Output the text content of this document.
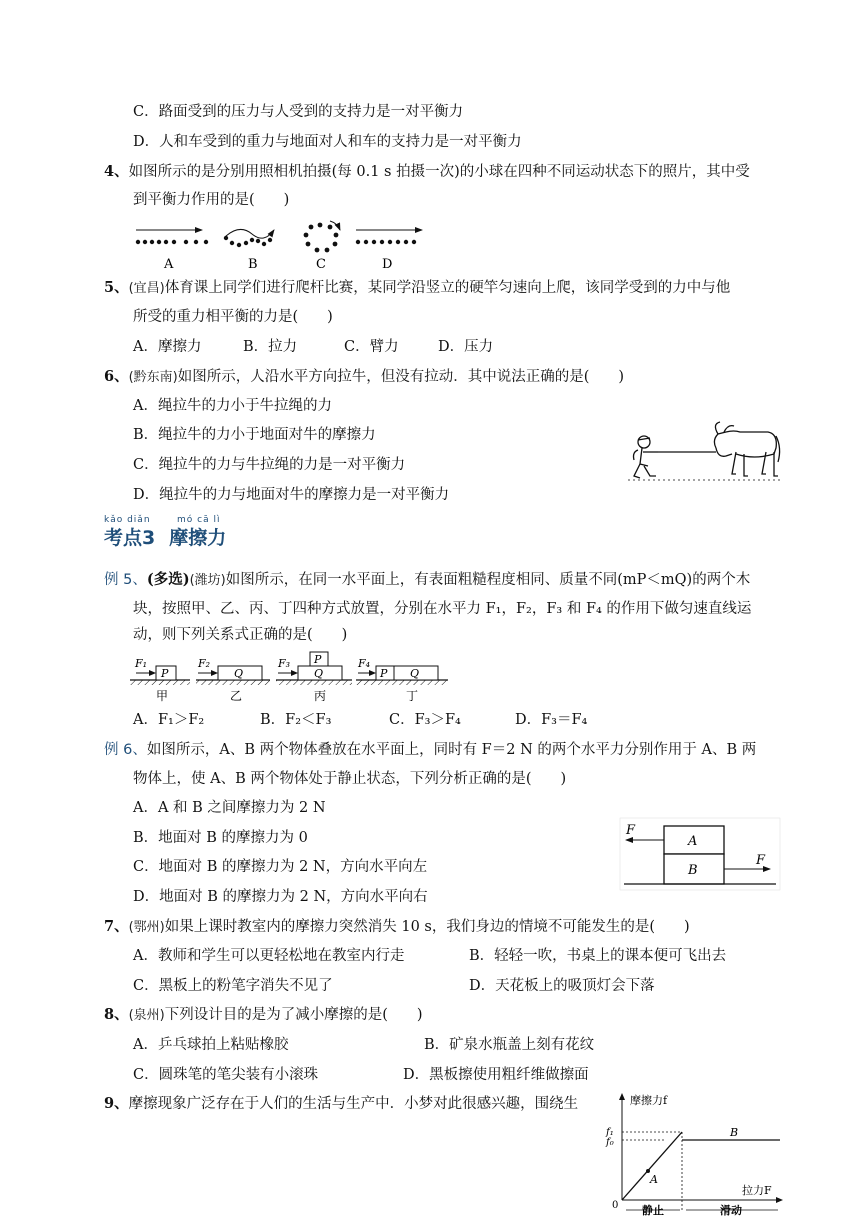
C．路面受到的压力与人受到的支持力是一对平衡力
D．人和车受到的重力与地面对人和车的支持力是一对平衡力
4、如图所示的是分别用照相机拍摄(每 0.1 s 拍摄一次)的小球在四种不同运动状态下的照片，其中受
到平衡力作用的是(　　)
A	B	C	D
5、(宜昌)体育课上同学们进行爬杆比赛，某同学沿竖立的硬竿匀速向上爬，该同学受到的力中与他
所受的重力相平衡的力是(　　)
A．摩擦力	B．拉力	C．臂力	D．压力
6、(黔东南)如图所示，人沿水平方向拉牛，但没有拉动．其中说法正确的是(　　)
A．绳拉牛的力小于牛拉绳的力
B．绳拉牛的力小于地面对牛的摩擦力
C．绳拉牛的力与牛拉绳的力是一对平衡力
D．绳拉牛的力与地面对牛的摩擦力是一对平衡力
kǎo diǎn	mó cā lì
考点3 摩擦力
例 5、(多选)(潍坊)如图所示，在同一水平面上，有表面粗糙程度相同、质量不同(mP＜mQ)的两个木
块，按照甲、乙、丙、丁四种方式放置，分别在水平力 F₁，F₂，F₃ 和 F₄ 的作用下做匀速直线运
动，则下列关系式正确的是(　　)
F₁
P
甲
F₂
Q
乙
F₃ P
Q
丙
F₄
P Q
丁
A．F₁＞F₂	B．F₂＜F₃	C．F₃＞F₄	D．F₃＝F₄
例 6、如图所示，A、B 两个物体叠放在水平面上，同时有 F＝2 N 的两个水平力分别作用于 A、B 两
物体上，使 A、B 两个物体处于静止状态，下列分析正确的是(　　)
A．A 和 B 之间摩擦力为 2 N
B．地面对 B 的摩擦力为 0
C．地面对 B 的摩擦力为 2 N，方向水平向左
D．地面对 B 的摩擦力为 2 N，方向水平向右
F
F
A
B
7、(鄂州)如果上课时教室内的摩擦力突然消失 10 s，我们身边的情境不可能发生的是(　　)
A．教师和学生可以更轻松地在教室内行走	B．轻轻一吹，书桌上的课本便可飞出去
C．黑板上的粉笔字消失不见了	D．天花板上的吸顶灯会下落
8、(泉州)下列设计目的是为了减小摩擦的是(　　)
A．乒乓球拍上粘贴橡胶	B．矿泉水瓶盖上刻有花纹
C．圆珠笔的笔尖装有小滚珠	D．黑板擦使用粗纤维做擦面
9、摩擦现象广泛存在于人们的生活与生产中．小梦对此很感兴趣，围绕生
A
B
摩擦力f
拉力F
f₁
f₀
0 静止	滑动
